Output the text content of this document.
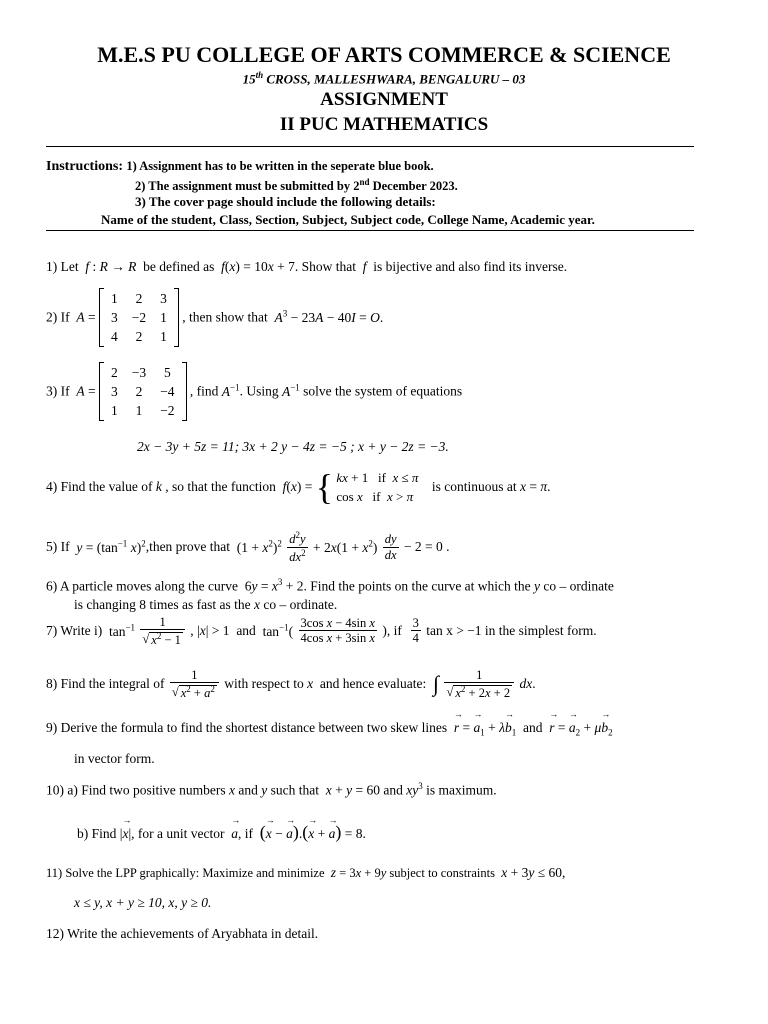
M.E.S PU COLLEGE OF ARTS COMMERCE & SCIENCE
15th CROSS, MALLESHWARA, BENGALURU – 03
ASSIGNMENT
II PUC MATHEMATICS
Instructions: 1) Assignment has to be written in the seperate blue book.
2) The assignment must be submitted by 2nd December 2023.
3) The cover page should include the following details:
Name of the student, Class, Section, Subject, Subject code, College Name, Academic year.
1) Let f : R → R be defined as f(x) = 10x + 7. Show that f is bijective and also find its inverse.
2) If A =
1	2	3
3	−2	1
4	2	1
, then show that $A^3 - 23A - 40I = O$.
3) If A =
2	−3	5
3	2	−4
1	1	−2
, find $A^{-1}$. Using $A^{-1}$ solve the system of equations
2x − 3y + 5z = 11; 3x + 2 y − 4z = −5 ; x + y − 2z = −3.
4) Find the value of k , so that the function f(x) = { kx + 1   if  x ≤ π
cos x   if  x > π
is continuous at x = π.
5) If $y = (\tan^{-1}$ x)$^2$,then prove that $(1 + x^2)^2 \frac{d^2y}{dx^2} + 2x(1 + x^2) \frac{dy}{dx} - 2 = 0$ .
6) A particle moves along the curve  $6y = x^3 + 2$. Find the points on the curve at which the y co – ordinate
is changing 8 times as fast as the x co – ordinate.
7) Write i) $\tan^{-1} \frac{1}{√ x^2 - 1}$ , |x| > 1  and $\tan^{-1}( \frac{\text{3cos x − 4sin x}}{\text{4cos x + 3sin x}}$ ), if $\frac{3}{4}$ tan x > −1 in the simplest form.
8) Find the integral of $\frac{1}{√ x^2 + a^2}$ with respect to x and hence evaluate: ∫ $\frac{1}{√ x^2 + 2x + 2}$ dx.
9) Derive the formula to find the shortest distance between two skew lines → r = → $a_1 + \lambda\to b_1$ and → r = → $a_2 + \mu\to b_2$
in vector form.
10) a) Find two positive numbers x and y such that x + y = 60 and $xy^3$ is maximum.
b) Find |→ x|, for a unit vector → a, if (→ x − → a).(→ x + → a) = 8.
11) Solve the LPP graphically: Maximize and minimize z = 3x + 9y subject to constraints x + 3y ≤ 60,
x ≤ y, x + y ≥ 10, x, y ≥ 0.
12) Write the achievements of Aryabhata in detail.
